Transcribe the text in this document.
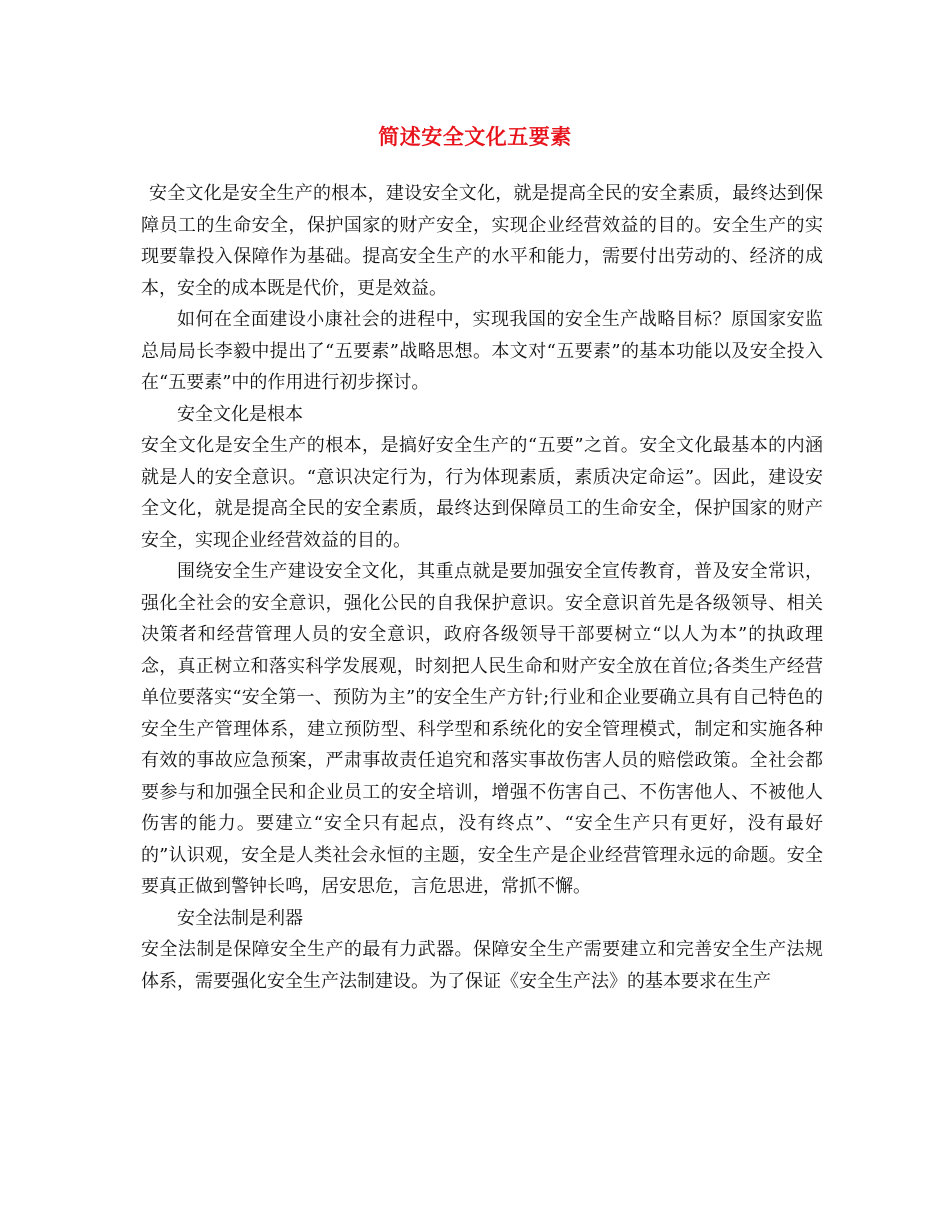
简述安全文化五要素

安全文化是安全生产的根本，建设安全文化，就是提高全民的安全素质，最终达到保障员工的生命安全，保护国家的财产安全，实现企业经营效益的目的。安全生产的实现要靠投入保障作为基础。提高安全生产的水平和能力，需要付出劳动的、经济的成本，安全的成本既是代价，更是效益。

如何在全面建设小康社会的进程中，实现我国的安全生产战略目标？原国家安监总局局长李毅中提出了“五要素”战略思想。本文对“五要素”的基本功能以及安全投入在“五要素”中的作用进行初步探讨。

安全文化是根本

安全文化是安全生产的根本，是搞好安全生产的“五要”之首。安全文化最基本的内涵就是人的安全意识。“意识决定行为，行为体现素质，素质决定命运”。因此，建设安全文化，就是提高全民的安全素质，最终达到保障员工的生命安全，保护国家的财产安全，实现企业经营效益的目的。

围绕安全生产建设安全文化，其重点就是要加强安全宣传教育，普及安全常识，强化全社会的安全意识，强化公民的自我保护意识。安全意识首先是各级领导、相关决策者和经营管理人员的安全意识，政府各级领导干部要树立“以人为本”的执政理念，真正树立和落实科学发展观，时刻把人民生命和财产安全放在首位;各类生产经营单位要落实“安全第一、预防为主”的安全生产方针;行业和企业要确立具有自己特色的安全生产管理体系，建立预防型、科学型和系统化的安全管理模式，制定和实施各种有效的事故应急预案，严肃事故责任追究和落实事故伤害人员的赔偿政策。全社会都要参与和加强全民和企业员工的安全培训，增强不伤害自己、不伤害他人、不被他人伤害的能力。要建立“安全只有起点，没有终点”、“安全生产只有更好，没有最好的”认识观，安全是人类社会永恒的主题，安全生产是企业经营管理永远的命题。安全要真正做到警钟长鸣，居安思危，言危思进，常抓不懈。

安全法制是利器

安全法制是保障安全生产的最有力武器。保障安全生产需要建立和完善安全生产法规体系，需要强化安全生产法制建设。为了保证《安全生产法》的基本要求在生产
